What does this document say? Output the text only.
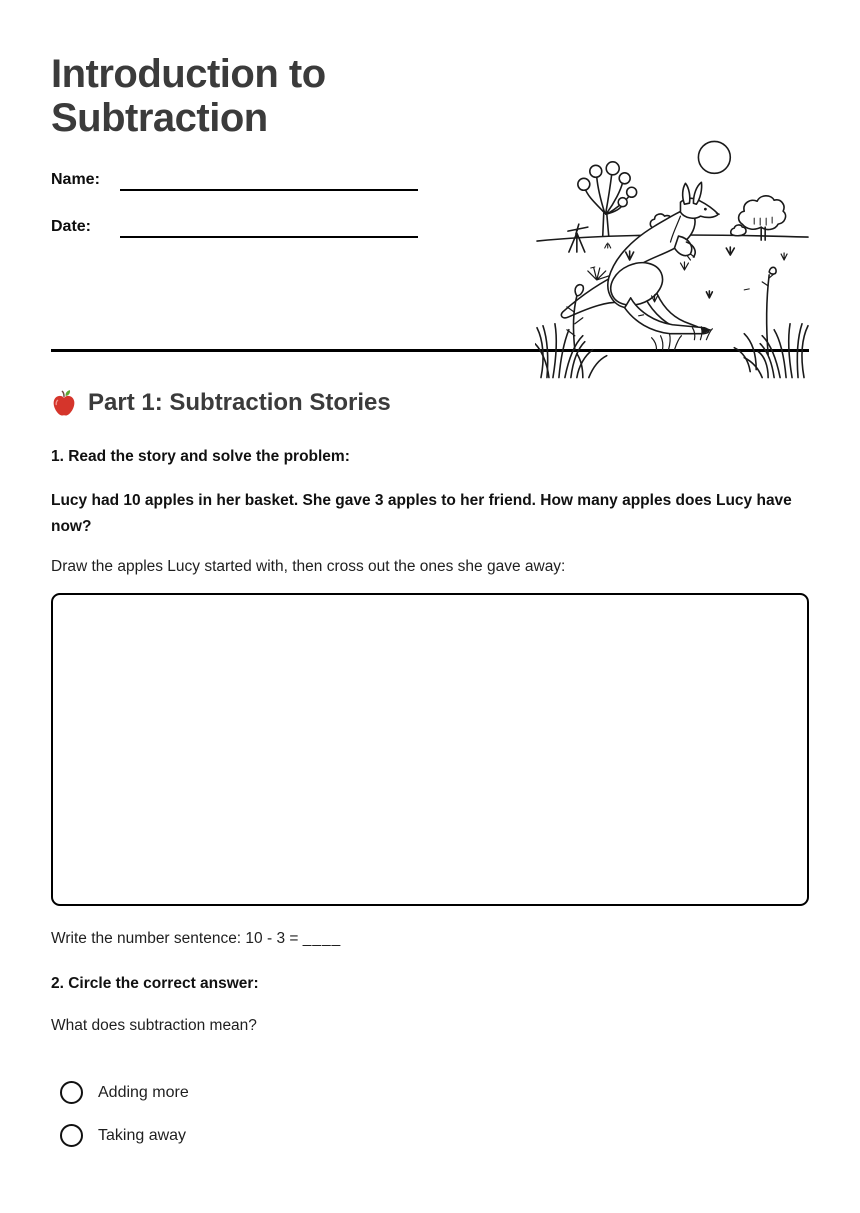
Introduction to Subtraction
Name:
Date:
Part 1: Subtraction Stories

1. Read the story and solve the problem:

Lucy had 10 apples in her basket. She gave 3 apples to her friend. How many apples does Lucy have now?

Draw the apples Lucy started with, then cross out the ones she gave away:

Write the number sentence: 10 - 3 = ____

2. Circle the correct answer:

What does subtraction mean?

Adding more
Taking away
